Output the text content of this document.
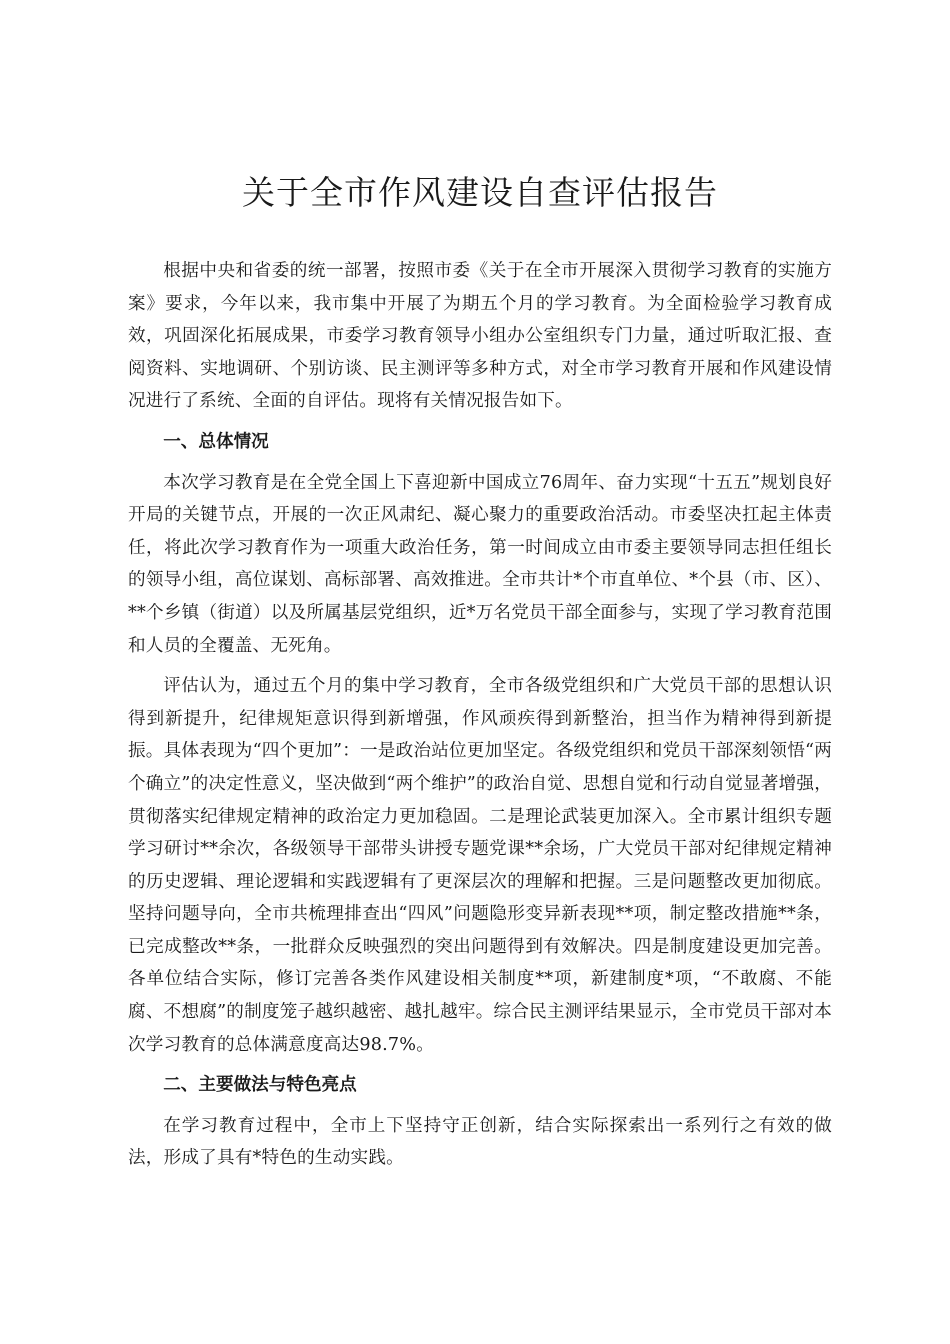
关于全市作风建设自查评估报告

根据中央和省委的统一部署，按照市委《关于在全市开展深入贯彻学习教育的实施方案》要求，今年以来，我市集中开展了为期五个月的学习教育。为全面检验学习教育成效，巩固深化拓展成果，市委学习教育领导小组办公室组织专门力量，通过听取汇报、查阅资料、实地调研、个别访谈、民主测评等多种方式，对全市学习教育开展和作风建设情况进行了系统、全面的自评估。现将有关情况报告如下。

一、总体情况

本次学习教育是在全党全国上下喜迎新中国成立76周年、奋力实现“十五五”规划良好开局的关键节点，开展的一次正风肃纪、凝心聚力的重要政治活动。市委坚决扛起主体责任，将此次学习教育作为一项重大政治任务，第一时间成立由市委主要领导同志担任组长的领导小组，高位谋划、高标部署、高效推进。全市共计*个市直单位、*个县（市、区）、**个乡镇（街道）以及所属基层党组织，近*万名党员干部全面参与，实现了学习教育范围和人员的全覆盖、无死角。

评估认为，通过五个月的集中学习教育，全市各级党组织和广大党员干部的思想认识得到新提升，纪律规矩意识得到新增强，作风顽疾得到新整治，担当作为精神得到新提振。具体表现为“四个更加”：一是政治站位更加坚定。各级党组织和党员干部深刻领悟“两个确立”的决定性意义，坚决做到“两个维护”的政治自觉、思想自觉和行动自觉显著增强，贯彻落实纪律规定精神的政治定力更加稳固。二是理论武装更加深入。全市累计组织专题学习研讨**余次，各级领导干部带头讲授专题党课**余场，广大党员干部对纪律规定精神的历史逻辑、理论逻辑和实践逻辑有了更深层次的理解和把握。三是问题整改更加彻底。坚持问题导向，全市共梳理排查出“四风”问题隐形变异新表现**项，制定整改措施**条，已完成整改**条，一批群众反映强烈的突出问题得到有效解决。四是制度建设更加完善。各单位结合实际，修订完善各类作风建设相关制度**项，新建制度*项，“不敢腐、不能腐、不想腐”的制度笼子越织越密、越扎越牢。综合民主测评结果显示，全市党员干部对本次学习教育的总体满意度高达98.7%。

二、主要做法与特色亮点

在学习教育过程中，全市上下坚持守正创新，结合实际探索出一系列行之有效的做法，形成了具有*特色的生动实践。
